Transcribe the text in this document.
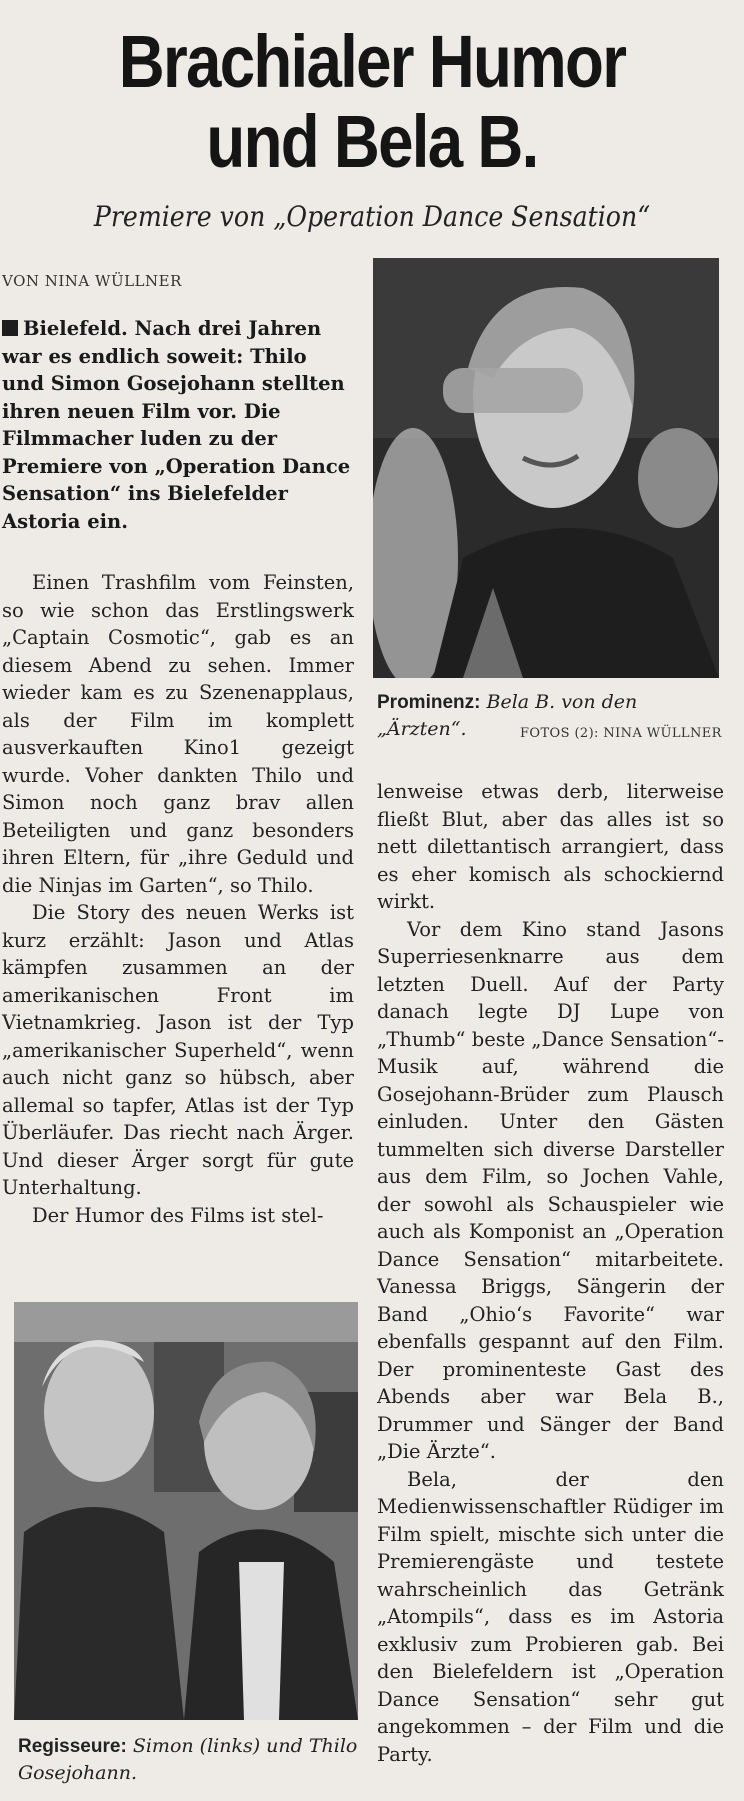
Brachialer Humor
und Bela B.
Premiere von „Operation Dance Sensation“
VON NINA WÜLLNER
Bielefeld. Nach drei Jahren war es endlich soweit: Thilo und Simon Gosejohann stellten ihren neuen Film vor. Die Filmmacher luden zu der Premiere von „Operation Dance Sensation“ ins Bielefelder Astoria ein.

Einen Trashfilm vom Feinsten, so wie schon das Erstlingswerk „Captain Cosmotic“, gab es an diesem Abend zu sehen. Immer wieder kam es zu Szenenapplaus, als der Film im komplett ausverkauften Kino1 gezeigt wurde. Voher dankten Thilo und Simon noch ganz brav allen Beteiligten und ganz besonders ihren Eltern, für „ihre Geduld und die Ninjas im Garten“, so Thilo.

Die Story des neuen Werks ist kurz erzählt: Jason und Atlas kämpfen zusammen an der amerikanischen Front im Vietnamkrieg. Jason ist der Typ „amerikanischer Superheld“, wenn auch nicht ganz so hübsch, aber allemal so tapfer, Atlas ist der Typ Überläufer. Das riecht nach Ärger. Und dieser Ärger sorgt für gute Unterhaltung.

Der Humor des Films ist stel-

Prominenz: Bela B. von den „Ärzten“.	FOTOS (2): NINA WÜLLNER

lenweise etwas derb, literweise fließt Blut, aber das alles ist so nett dilettantisch arrangiert, dass es eher komisch als schockiernd wirkt.

Vor dem Kino stand Jasons Superriesenknarre aus dem letzten Duell. Auf der Party danach legte DJ Lupe von „Thumb“ beste „Dance Sensation“-Musik auf, während die Gosejohann-Brüder zum Plausch einluden. Unter den Gästen tummelten sich diverse Darsteller aus dem Film, so Jochen Vahle, der sowohl als Schauspieler wie auch als Komponist an „Operation Dance Sensation“ mitarbeitete. Vanessa Briggs, Sängerin der Band „Ohio‘s Favorite“ war ebenfalls gespannt auf den Film. Der prominenteste Gast des Abends aber war Bela B., Drummer und Sänger der Band „Die Ärzte“.

Bela, der den Medienwissenschaftler Rüdiger im Film spielt, mischte sich unter die Premierengäste und testete wahrscheinlich das Getränk „Atompils“, dass es im Astoria exklusiv zum Probieren gab. Bei den Bielefeldern ist „Operation Dance Sensation“ sehr gut angekommen – der Film und die Party.

Regisseure: Simon (links) und Thilo Gosejohann.
